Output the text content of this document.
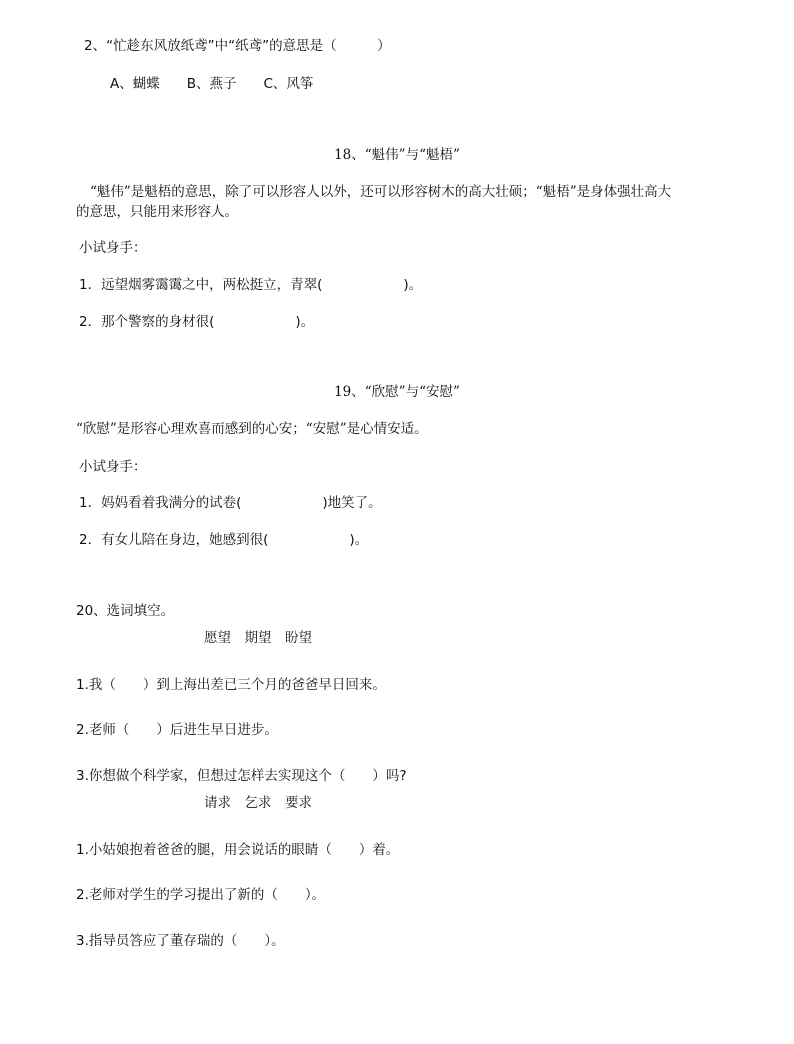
2、“忙趁东风放纸鸢”中“纸鸢”的意思是（　　　）
A、蝴蝶　　B、燕子　　C、风筝
18、“魁伟”与“魁梧”
“魁伟”是魁梧的意思，除了可以形容人以外，还可以形容树木的高大壮硕；“魁梧”是身体强壮高大
的意思，只能用来形容人。
小试身手：
1．远望烟雾霭霭之中，两松挺立，青翠(　　　　　　)。
2．那个警察的身材很(　　　　　　)。
19、“欣慰”与“安慰”
“欣慰”是形容心理欢喜而感到的心安；“安慰”是心情安适。
小试身手：
1．妈妈看着我满分的试卷(　　　　　　)地笑了。
2．有女儿陪在身边，她感到很(　　　　　　)。
20、选词填空。
愿望　期望　盼望
1.我（　　）到上海出差已三个月的爸爸早日回来。
2.老师（　　）后进生早日进步。
3.你想做个科学家，但想过怎样去实现这个（　　）吗?
请求　乞求　要求
1.小姑娘抱着爸爸的腿，用会说话的眼睛（　　）着。
2.老师对学生的学习提出了新的（　　）。
3.指导员答应了董存瑞的（　　）。
